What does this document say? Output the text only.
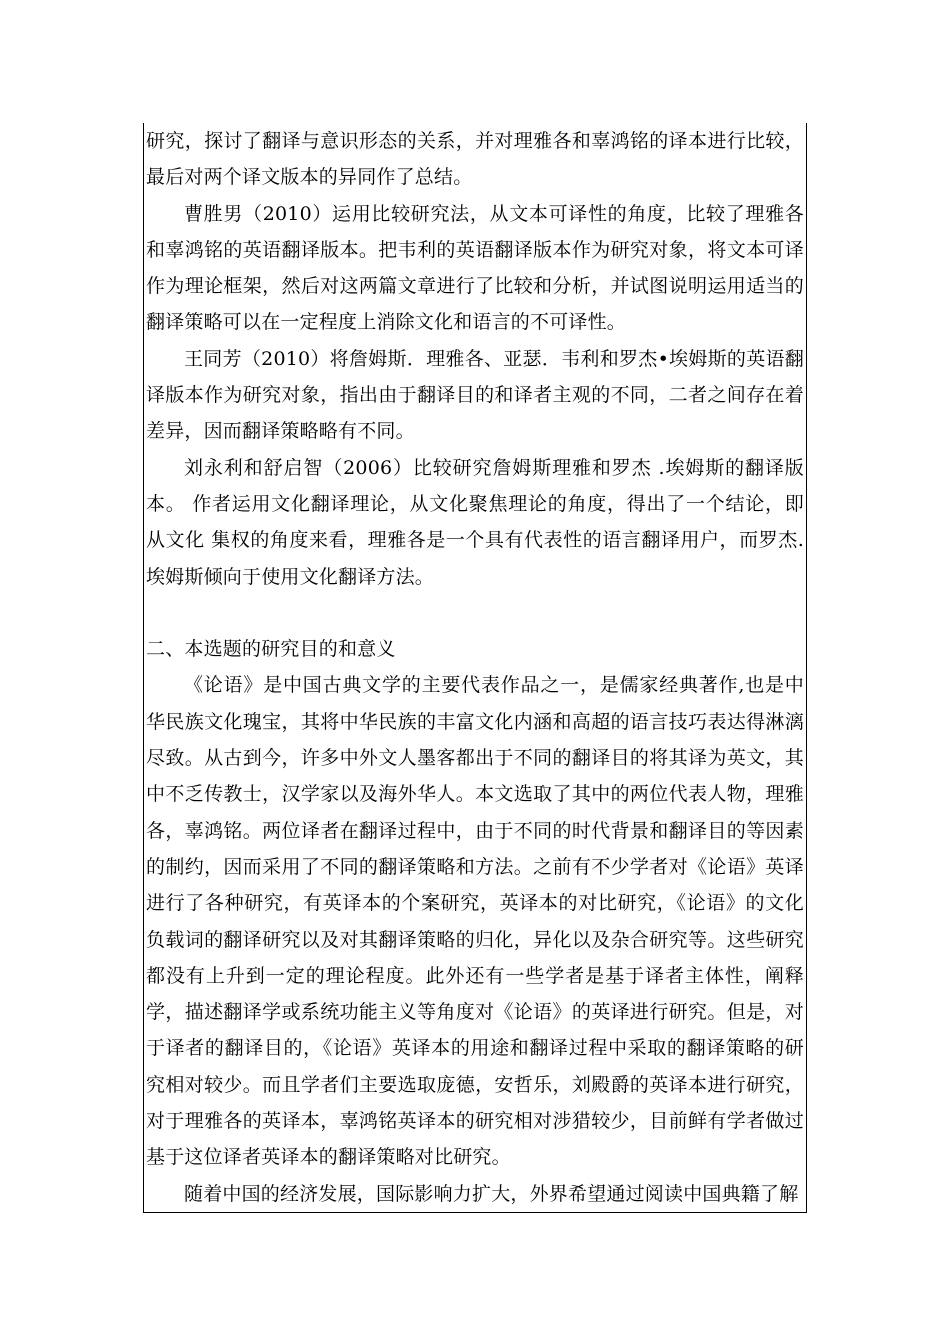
研究，探讨了翻译与意识形态的关系，并对理雅各和辜鸿铭的译本进行比较，最后对两个译文版本的异同作了总结。

曹胜男（2010）运用比较研究法，从文本可译性的角度，比较了理雅各和辜鸿铭的英语翻译版本。把韦利的英语翻译版本作为研究对象，将文本可译作为理论框架，然后对这两篇文章进行了比较和分析，并试图说明运用适当的翻译策略可以在一定程度上消除文化和语言的不可译性。

王同芳（2010）将詹姆斯．理雅各、亚瑟．韦利和罗杰•埃姆斯的英语翻译版本作为研究对象，指出由于翻译目的和译者主观的不同，二者之间存在着差异，因而翻译策略略有不同。

刘永利和舒启智（2006）比较研究詹姆斯理雅和罗杰 .埃姆斯的翻译版本。 作者运用文化翻译理论，从文化聚焦理论的角度，得出了一个结论，即从文化 集权的角度来看，理雅各是一个具有代表性的语言翻译用户，而罗杰.埃姆斯倾向于使用文化翻译方法。

二、本选题的研究目的和意义

《论语》是中国古典文学的主要代表作品之一，是儒家经典著作,也是中华民族文化瑰宝，其将中华民族的丰富文化内涵和高超的语言技巧表达得淋漓尽致。从古到今，许多中外文人墨客都出于不同的翻译目的将其译为英文，其中不乏传教士，汉学家以及海外华人。本文选取了其中的两位代表人物，理雅各，辜鸿铭。两位译者在翻译过程中，由于不同的时代背景和翻译目的等因素的制约，因而采用了不同的翻译策略和方法。之前有不少学者对《论语》英译进行了各种研究，有英译本的个案研究，英译本的对比研究，《论语》的文化负载词的翻译研究以及对其翻译策略的归化，异化以及杂合研究等。这些研究都没有上升到一定的理论程度。此外还有一些学者是基于译者主体性，阐释学，描述翻译学或系统功能主义等角度对《论语》的英译进行研究。但是，对于译者的翻译目的，《论语》英译本的用途和翻译过程中采取的翻译策略的研究相对较少。而且学者们主要选取庞德，安哲乐，刘殿爵的英译本进行研究，对于理雅各的英译本，辜鸿铭英译本的研究相对涉猎较少，目前鲜有学者做过基于这位译者英译本的翻译策略对比研究。

随着中国的经济发展，国际影响力扩大，外界希望通过阅读中国典籍了解
